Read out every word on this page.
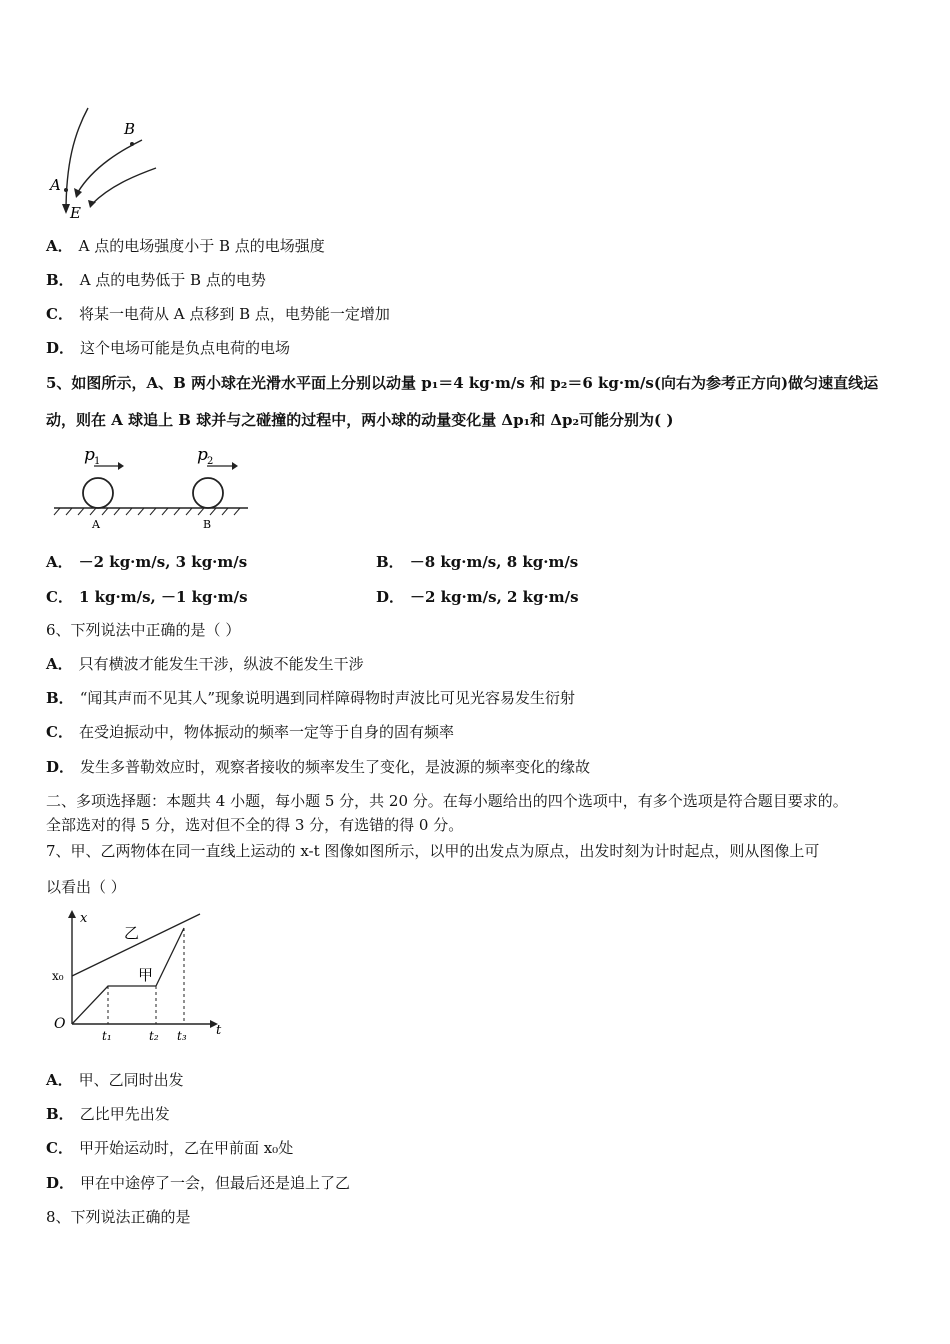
A
B
E
A． A 点的电场强度小于 B 点的电场强度
B． A 点的电势低于 B 点的电势
C． 将某一电荷从 A 点移到 B 点，电势能一定增加
D． 这个电场可能是负点电荷的电场
5、如图所示，A、B 两小球在光滑水平面上分别以动量 p₁＝4 kg·m/s 和 p₂＝6 kg·m/s(向右为参考正方向)做匀速直线运
动，则在 A 球追上 B 球并与之碰撞的过程中，两小球的动量变化量 Δp₁和 Δp₂可能分别为( )
p 1	p 2
A	B
A． －2 kg·m/s, 3 kg·m/s	B． －8 kg·m/s, 8 kg·m/s
C． 1 kg·m/s, －1 kg·m/s	D． －2 kg·m/s, 2 kg·m/s
6、下列说法中正确的是（ ）
A． 只有横波才能发生干涉，纵波不能发生干涉
B． “闻其声而不见其人”现象说明遇到同样障碍物时声波比可见光容易发生衍射
C． 在受迫振动中，物体振动的频率一定等于自身的固有频率
D． 发生多普勒效应时，观察者接收的频率发生了变化，是波源的频率变化的缘故
二、多项选择题：本题共 4 小题，每小题 5 分，共 20 分。在每小题给出的四个选项中，有多个选项是符合题目要求的。
全部选对的得 5 分，选对但不全的得 3 分，有选错的得 0 分。
7、甲、乙两物体在同一直线上运动的 x-t 图像如图所示，以甲的出发点为原点，出发时刻为计时起点，则从图像上可
以看出（ ）
x
t
O
x₀
乙
甲
t₁	t₂ t₃
A． 甲、乙同时出发
B． 乙比甲先出发
C． 甲开始运动时，乙在甲前面 x₀处
D． 甲在中途停了一会，但最后还是追上了乙
8、下列说法正确的是
